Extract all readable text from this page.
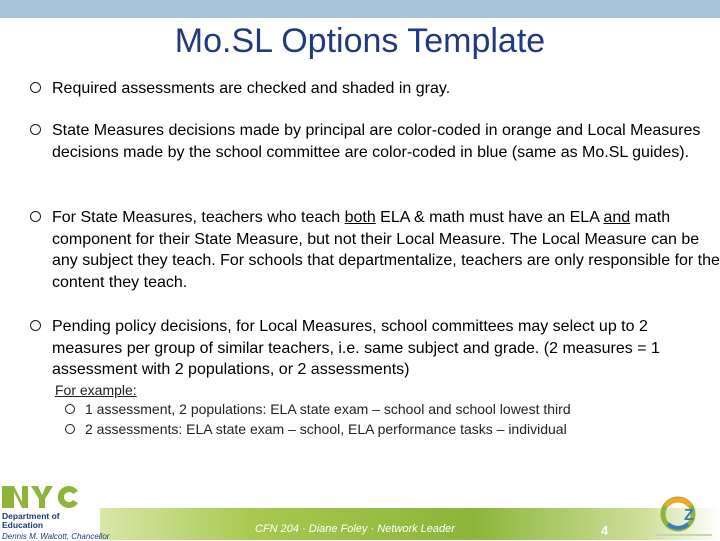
Mo.SL Options Template
Required assessments are checked and shaded in gray.
State Measures decisions made by principal are color-coded in orange and Local Measures decisions made by the school committee are color-coded in blue (same as Mo.SL guides).
For State Measures, teachers who teach both ELA & math must have an ELA and math component for their State Measure, but not their Local Measure. The Local Measure can be any subject they teach. For schools that departmentalize, teachers are only responsible for the content they teach.
Pending policy decisions, for Local Measures, school committees may select up to 2 measures per group of similar teachers, i.e. same subject and grade. (2 measures = 1 assessment with 2 populations, or 2 assessments)
For example:
1 assessment, 2 populations: ELA state exam – school and school lowest third
2 assessments: ELA state exam – school, ELA performance tasks – individual
CFN 204 · Diane Foley · Network Leader	4
Department of
Education
Dennis M. Walcott, Chancellor
Z
